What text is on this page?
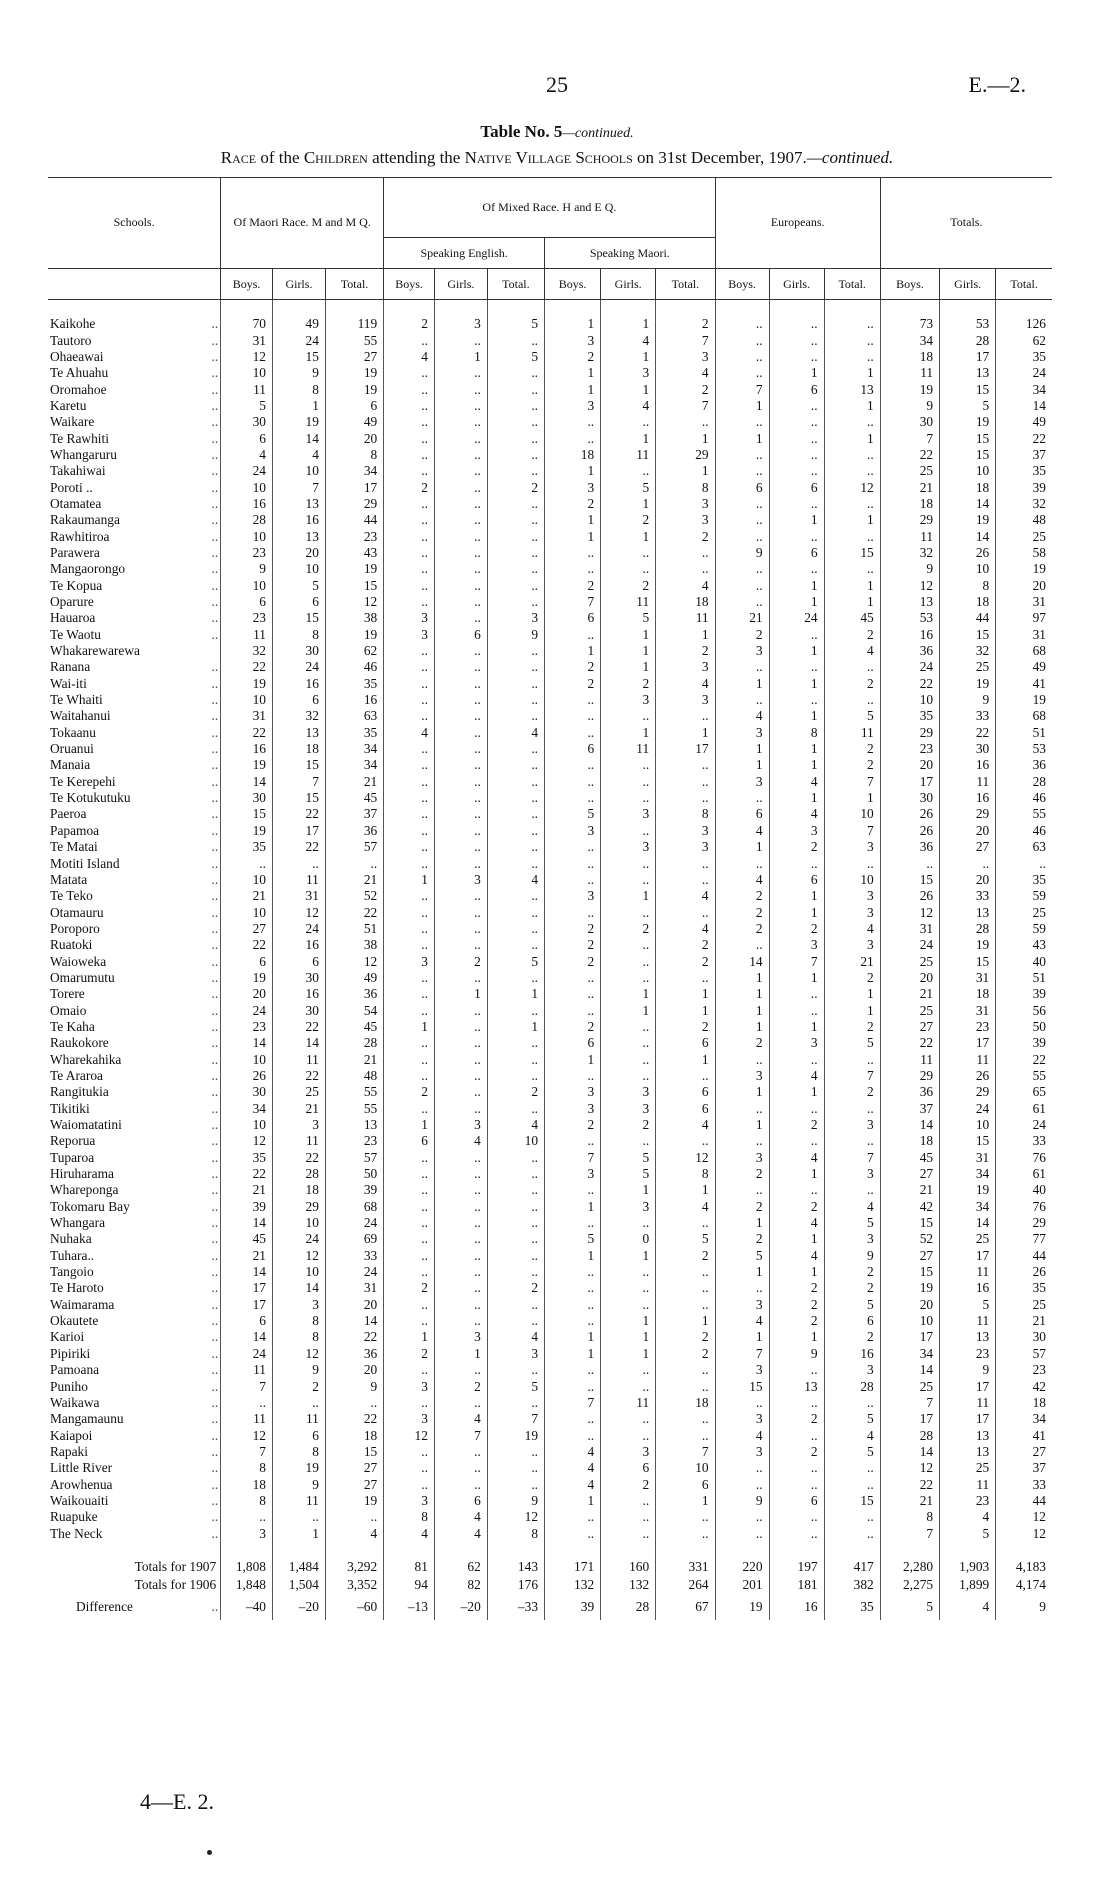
25	E.—2.
Table No. 5—continued.
Race of the Children attending the Native Village Schools on 31st December, 1907.—continued.
Schools.	Of Maori Race. M and M Q.			Of Mixed Race. H and E Q.						Europeans.			Totals.		
				Speaking English.			Speaking Maori.								
	Boys.	Girls.	Total.	Boys.	Girls.	Total.	Boys.	Girls.	Total.	Boys.	Girls.	Total.	Boys.	Girls.	Total.

Kaikohe ..	70	49	119	2	3	5	1	1	2	..	..	..	73	53	126

Tautoro ..	31	24	55	..	..	..	3	4	7	..	..	..	34	28	62

Ohaeawai ..	12	15	27	4	1	5	2	1	3	..	..	..	18	17	35

Te Ahuahu ..	10	9	19	..	..	..	1	3	4	..	1	1	11	13	24

Oromahoe ..	11	8	19	..	..	..	1	1	2	7	6	13	19	15	34

Karetu ..	5	1	6	..	..	..	3	4	7	1	..	1	9	5	14

Waikare ..	30	19	49	..	..	..	..	..	..	..	..	..	30	19	49

Te Rawhiti ..	6	14	20	..	..	..	..	1	1	1	..	1	7	15	22

Whangaruru ..	4	4	8	..	..	..	18	11	29	..	..	..	22	15	37

Takahiwai ..	24	10	34	..	..	..	1	..	1	..	..	..	25	10	35

Poroti .. ..	10	7	17	2	..	2	3	5	8	6	6	12	21	18	39

Otamatea ..	16	13	29	..	..	..	2	1	3	..	..	..	18	14	32

Rakaumanga ..	28	16	44	..	..	..	1	2	3	..	1	1	29	19	48

Rawhitiroa ..	10	13	23	..	..	..	1	1	2	..	..	..	11	14	25

Parawera ..	23	20	43	..	..	..	..	..	..	9	6	15	32	26	58

Mangaorongo ..	9	10	19	..	..	..	..	..	..	..	..	..	9	10	19

Te Kopua ..	10	5	15	..	..	..	2	2	4	..	1	1	12	8	20

Oparure ..	6	6	12	..	..	..	7	11	18	..	1	1	13	18	31

Hauaroa ..	23	15	38	3	..	3	6	5	11	21	24	45	53	44	97

Te Waotu ..	11	8	19	3	6	9	..	1	1	2	..	2	16	15	31

Whakarewarewa	32	30	62	..	..	..	1	1	2	3	1	4	36	32	68

Ranana ..	22	24	46	..	..	..	2	1	3	..	..	..	24	25	49

Wai-iti ..	19	16	35	..	..	..	2	2	4	1	1	2	22	19	41

Te Whaiti ..	10	6	16	..	..	..	..	3	3	..	..	..	10	9	19

Waitahanui ..	31	32	63	..	..	..	..	..	..	4	1	5	35	33	68

Tokaanu ..	22	13	35	4	..	4	..	1	1	3	8	11	29	22	51

Oruanui ..	16	18	34	..	..	..	6	11	17	1	1	2	23	30	53

Manaia ..	19	15	34	..	..	..	..	..	..	1	1	2	20	16	36

Te Kerepehi ..	14	7	21	..	..	..	..	..	..	3	4	7	17	11	28

Te Kotukutuku ..	30	15	45	..	..	..	..	..	..	..	1	1	30	16	46

Paeroa ..	15	22	37	..	..	..	5	3	8	6	4	10	26	29	55

Papamoa ..	19	17	36	..	..	..	3	..	3	4	3	7	26	20	46

Te Matai ..	35	22	57	..	..	..	..	3	3	1	2	3	36	27	63

Motiti Island ..	..	..	..	..	..	..	..	..	..	..	..	..	..	..	..

Matata ..	10	11	21	1	3	4	..	..	..	4	6	10	15	20	35

Te Teko ..	21	31	52	..	..	..	3	1	4	2	1	3	26	33	59

Otamauru ..	10	12	22	..	..	..	..	..	..	2	1	3	12	13	25

Poroporo ..	27	24	51	..	..	..	2	2	4	2	2	4	31	28	59

Ruatoki ..	22	16	38	..	..	..	2	..	2	..	3	3	24	19	43

Waioweka ..	6	6	12	3	2	5	2	..	2	14	7	21	25	15	40

Omarumutu ..	19	30	49	..	..	..	..	..	..	1	1	2	20	31	51

Torere ..	20	16	36	..	1	1	..	1	1	1	..	1	21	18	39

Omaio ..	24	30	54	..	..	..	..	1	1	1	..	1	25	31	56

Te Kaha ..	23	22	45	1	..	1	2	..	2	1	1	2	27	23	50

Raukokore ..	14	14	28	..	..	..	6	..	6	2	3	5	22	17	39

Wharekahika ..	10	11	21	..	..	..	1	..	1	..	..	..	11	11	22

Te Araroa ..	26	22	48	..	..	..	..	..	..	3	4	7	29	26	55

Rangitukia ..	30	25	55	2	..	2	3	3	6	1	1	2	36	29	65

Tikitiki ..	34	21	55	..	..	..	3	3	6	..	..	..	37	24	61

Waiomatatini ..	10	3	13	1	3	4	2	2	4	1	2	3	14	10	24

Reporua ..	12	11	23	6	4	10	..	..	..	..	..	..	18	15	33

Tuparoa ..	35	22	57	..	..	..	7	5	12	3	4	7	45	31	76

Hiruharama ..	22	28	50	..	..	..	3	5	8	2	1	3	27	34	61

Whareponga ..	21	18	39	..	..	..	..	1	1	..	..	..	21	19	40

Tokomaru Bay ..	39	29	68	..	..	..	1	3	4	2	2	4	42	34	76

Whangara ..	14	10	24	..	..	..	..	..	..	1	4	5	15	14	29

Nuhaka ..	45	24	69	..	..	..	5	0	5	2	1	3	52	25	77

Tuhara.. ..	21	12	33	..	..	..	1	1	2	5	4	9	27	17	44

Tangoio ..	14	10	24	..	..	..	..	..	..	1	1	2	15	11	26

Te Haroto ..	17	14	31	2	..	2	..	..	..	..	2	2	19	16	35

Waimarama ..	17	3	20	..	..	..	..	..	..	3	2	5	20	5	25

Okautete ..	6	8	14	..	..	..	..	1	1	4	2	6	10	11	21

Karioi ..	14	8	22	1	3	4	1	1	2	1	1	2	17	13	30

Pipiriki ..	24	12	36	2	1	3	1	1	2	7	9	16	34	23	57

Pamoana ..	11	9	20	..	..	..	..	..	..	3	..	3	14	9	23

Puniho ..	7	2	9	3	2	5	..	..	..	15	13	28	25	17	42

Waikawa ..	..	..	..	..	..	..	7	11	18	..	..	..	7	11	18

Mangamaunu ..	11	11	22	3	4	7	..	..	..	3	2	5	17	17	34

Kaiapoi ..	12	6	18	12	7	19	..	..	..	4	..	4	28	13	41

Rapaki ..	7	8	15	..	..	..	4	3	7	3	2	5	14	13	27

Little River ..	8	19	27	..	..	..	4	6	10	..	..	..	12	25	37

Arowhenua ..	18	9	27	..	..	..	4	2	6	..	..	..	22	11	33

Waikouaiti ..	8	11	19	3	6	9	1	..	1	9	6	15	21	23	44

Ruapuke ..	..	..	..	8	4	12	..	..	..	..	..	..	8	4	12

The Neck ..	3	1	4	4	4	8	..	..	..	..	..	..	7	5	12

Totals for 1907	1,808	1,484	3,292	81	62	143	171	160	331	220	197	417	2,280	1,903	4,183

Totals for 1906	1,848	1,504	3,352	94	82	176	132	132	264	201	181	382	2,275	1,899	4,174

Difference ..	–40	–20	–60	–13	–20	–33	39	28	67	19	16	35	5	4	9
4—E. 2.
